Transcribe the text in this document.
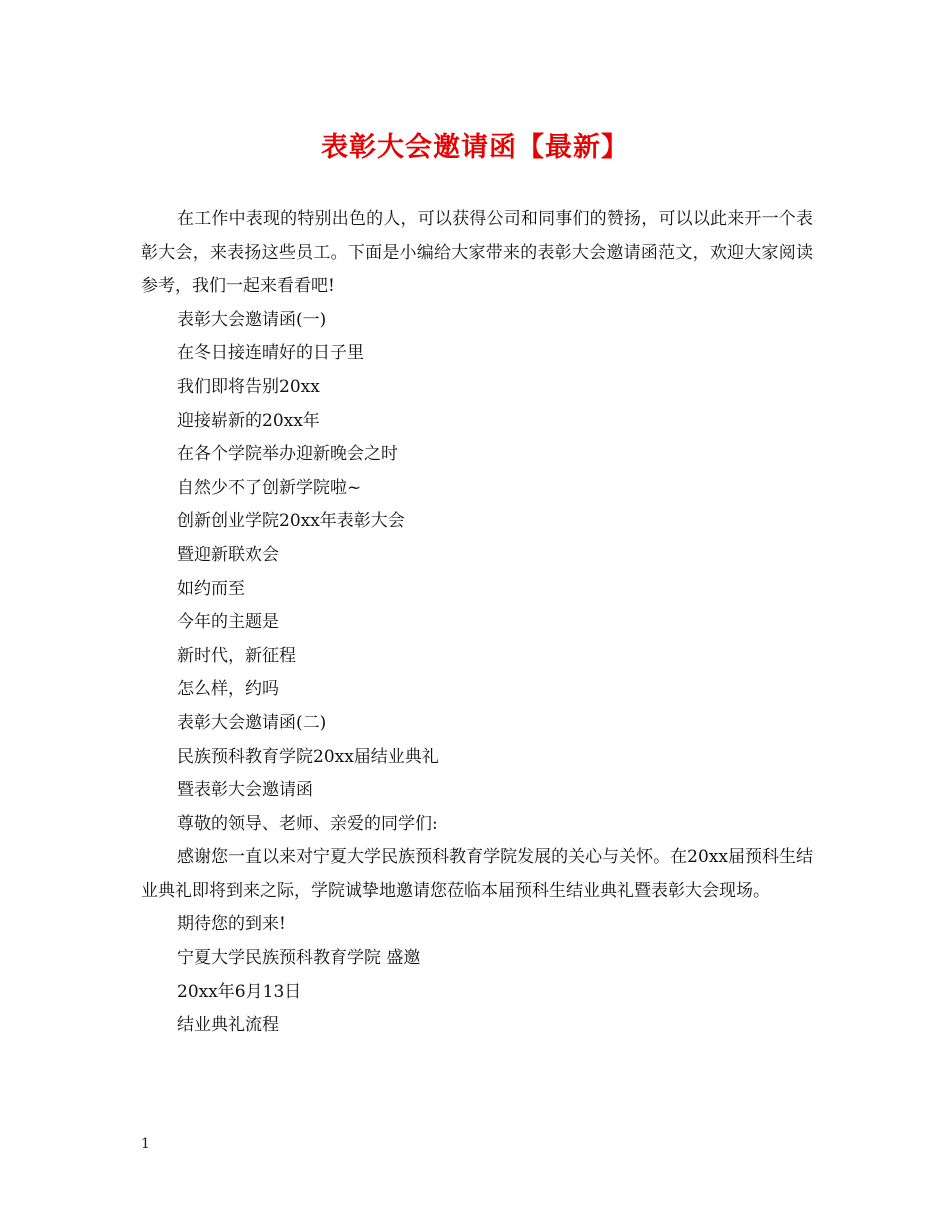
表彰大会邀请函【最新】

在工作中表现的特别出色的人，可以获得公司和同事们的赞扬，可以以此来开一个表彰大会，来表扬这些员工。下面是小编给大家带来的表彰大会邀请函范文，欢迎大家阅读参考，我们一起来看看吧!

表彰大会邀请函(一)

在冬日接连晴好的日子里

我们即将告别20xx

迎接崭新的20xx年

在各个学院举办迎新晚会之时

自然少不了创新学院啦~

创新创业学院20xx年表彰大会

暨迎新联欢会

如约而至

今年的主题是

新时代，新征程

怎么样，约吗

表彰大会邀请函(二)

民族预科教育学院20xx届结业典礼

暨表彰大会邀请函

尊敬的领导、老师、亲爱的同学们:

感谢您一直以来对宁夏大学民族预科教育学院发展的关心与关怀。在20xx届预科生结业典礼即将到来之际，学院诚挚地邀请您莅临本届预科生结业典礼暨表彰大会现场。

期待您的到来!

宁夏大学民族预科教育学院 盛邀

20xx年6月13日

结业典礼流程

1
